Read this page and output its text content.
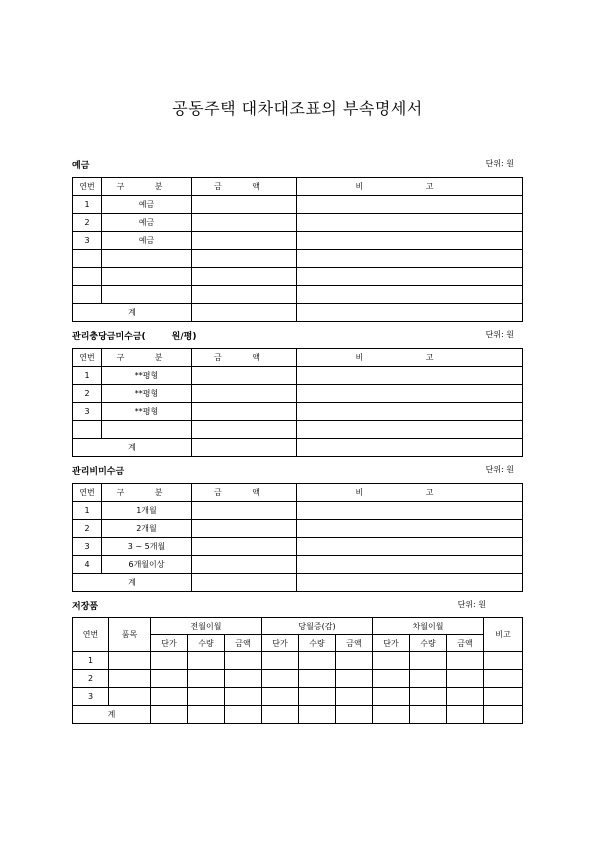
공동주택 대차대조표의 부속명세서
예금	단위: 원
연번	구 분	금 액	비 고
1	예금		
2	예금		
3	예금		

계			
관리충당금미수금(	원/평)	단위: 원
연번	구 분	금 액	비 고
1	**평형		
2	**평형		
3	**평형		

계			
관리비미수금	단위: 원
연번	구 분	금 액	비 고
1	1개월		
2	2개월		
3	3 ~ 5개월		
4	6개월이상		
계			
저장품	단위: 원
연번	품목	전월이월			당월증(감)			차월이월			비고
		단가	수량	금액	단가	수량	금액	단가	수량	금액	
1											
2											
3											
계											
